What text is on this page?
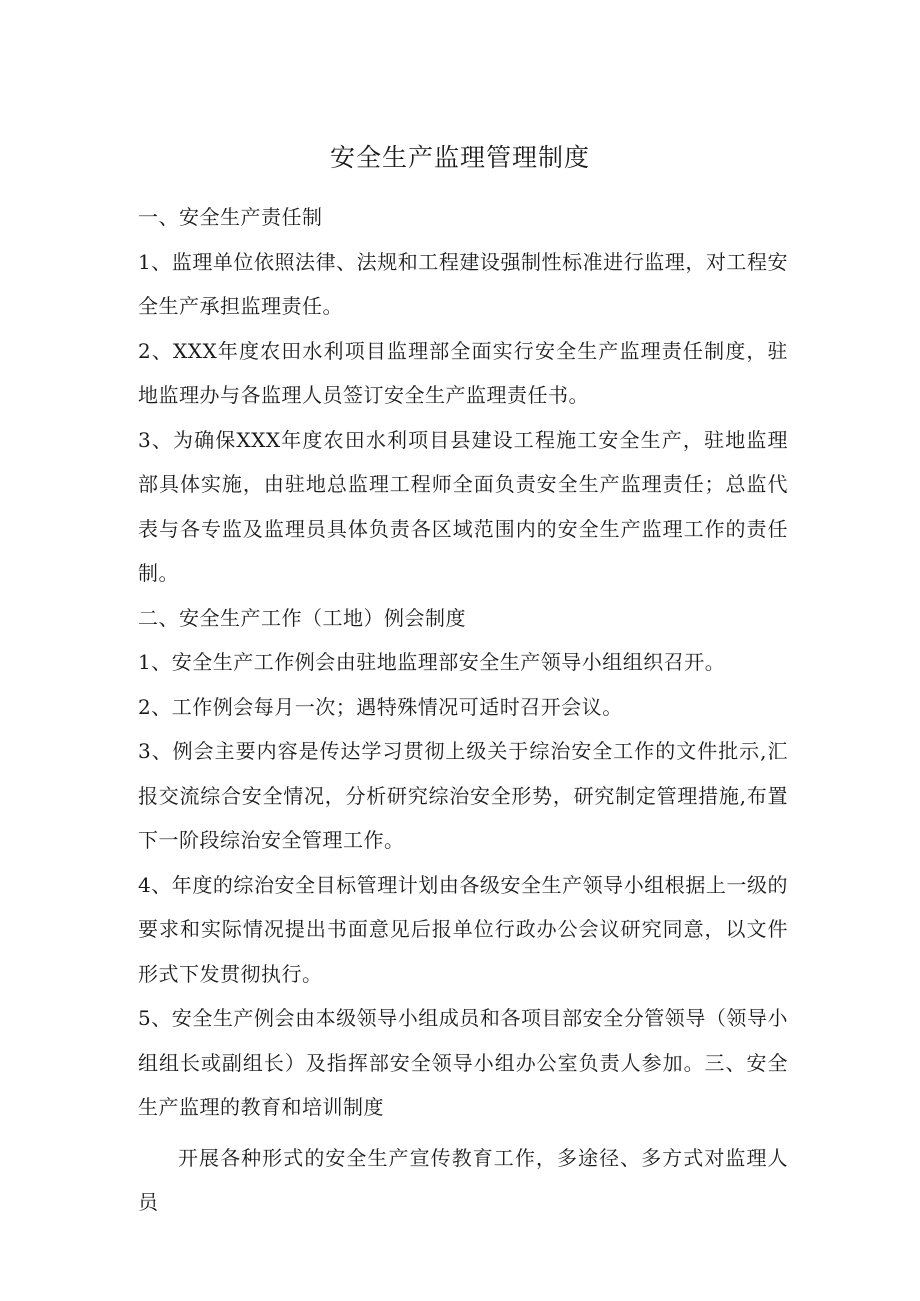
安全生产监理管理制度

一、安全生产责任制

1、监理单位依照法律、法规和工程建设强制性标准进行监理，对工程安全生产承担监理责任。

2、XXX年度农田水利项目监理部全面实行安全生产监理责任制度，驻地监理办与各监理人员签订安全生产监理责任书。

3、为确保XXX年度农田水利项目县建设工程施工安全生产，驻地监理部具体实施，由驻地总监理工程师全面负责安全生产监理责任；总监代表与各专监及监理员具体负责各区域范围内的安全生产监理工作的责任制。

二、安全生产工作（工地）例会制度

1、安全生产工作例会由驻地监理部安全生产领导小组组织召开。

2、工作例会每月一次；遇特殊情况可适时召开会议。

3、例会主要内容是传达学习贯彻上级关于综治安全工作的文件批示,汇报交流综合安全情况，分析研究综治安全形势，研究制定管理措施,布置下一阶段综治安全管理工作。

4、年度的综治安全目标管理计划由各级安全生产领导小组根据上一级的要求和实际情况提出书面意见后报单位行政办公会议研究同意，以文件形式下发贯彻执行。

5、安全生产例会由本级领导小组成员和各项目部安全分管领导（领导小组组长或副组长）及指挥部安全领导小组办公室负责人参加。三、安全生产监理的教育和培训制度

开展各种形式的安全生产宣传教育工作，多途径、多方式对监理人员
